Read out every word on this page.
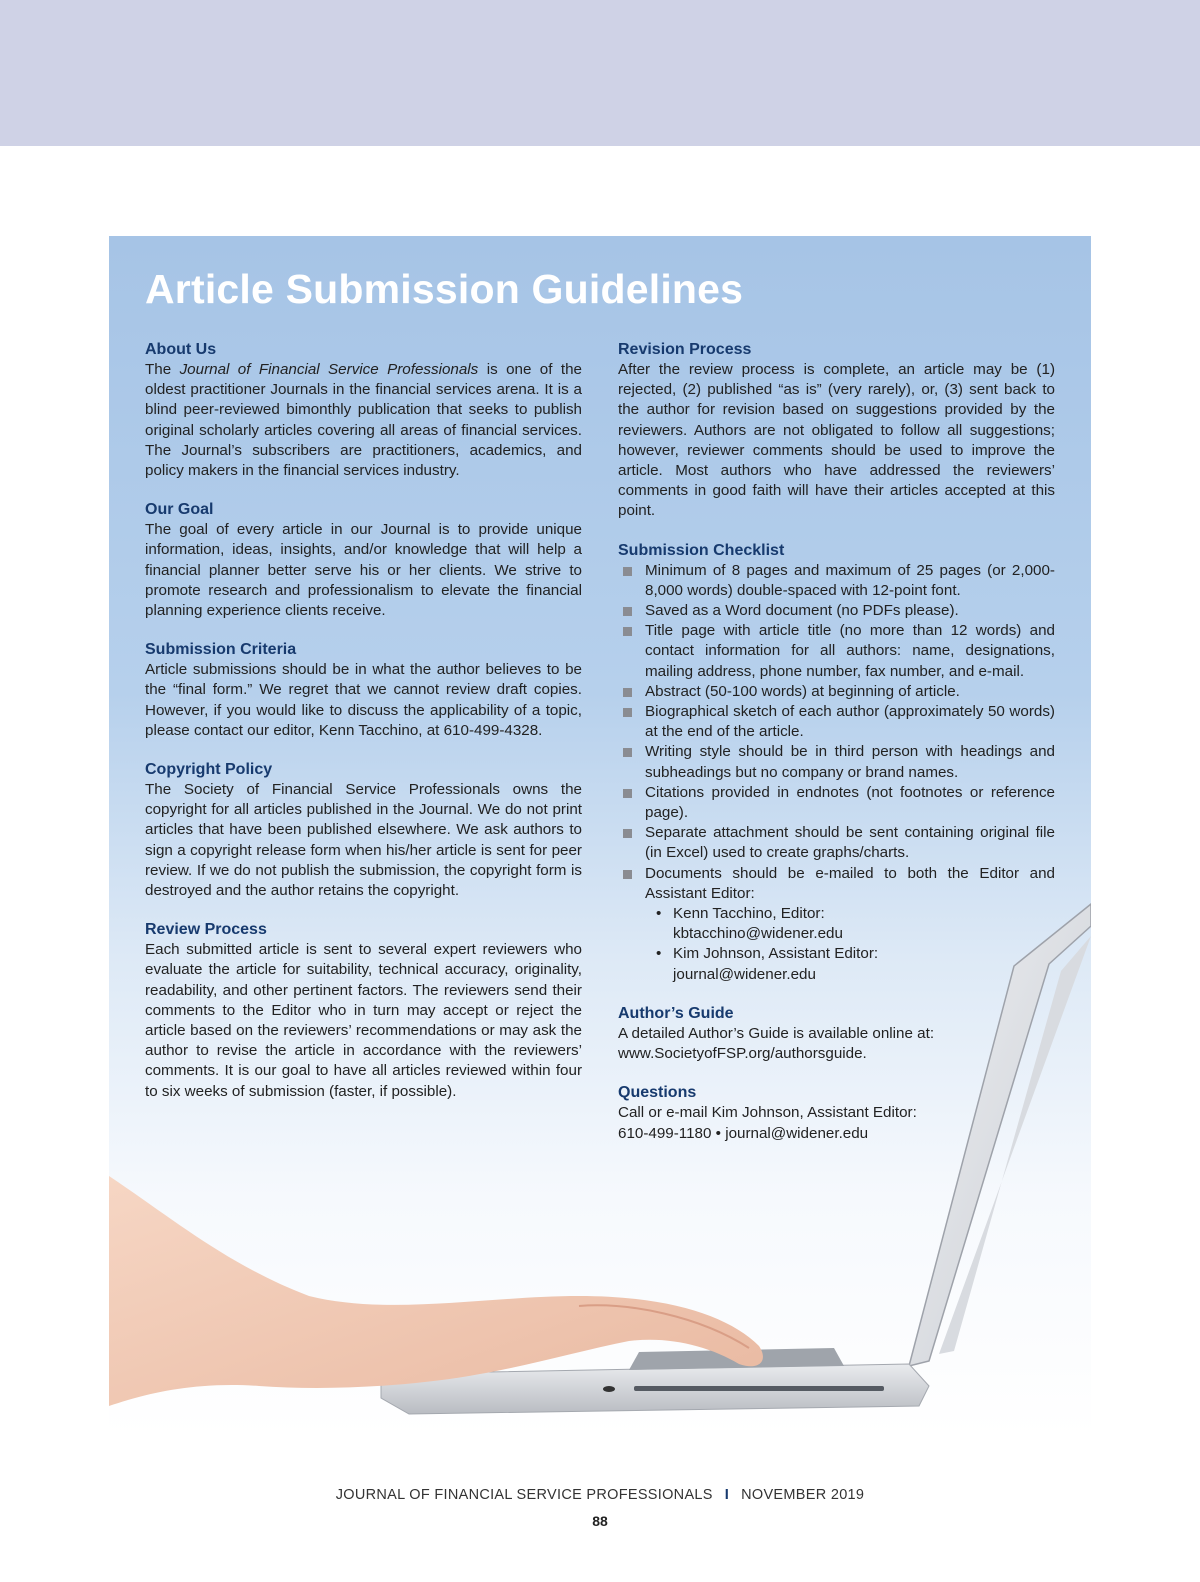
Article Submission Guidelines
About Us
The Journal of Financial Service Professionals is one of the oldest practitioner Journals in the financial services arena. It is a blind peer-reviewed bimonthly publication that seeks to publish original scholarly articles covering all areas of financial services. The Journal’s subscribers are practitioners, academics, and policy makers in the financial services industry.
Our Goal
The goal of every article in our Journal is to provide unique information, ideas, insights, and/or knowledge that will help a financial planner better serve his or her clients. We strive to promote research and professionalism to elevate the financial planning experience clients receive.
Submission Criteria
Article submissions should be in what the author believes to be the “final form.” We regret that we cannot review draft copies. However, if you would like to discuss the applicability of a topic, please contact our editor, Kenn Tacchino, at 610-499-4328.
Copyright Policy
The Society of Financial Service Professionals owns the copyright for all articles published in the Journal. We do not print articles that have been published elsewhere. We ask authors to sign a copyright release form when his/her article is sent for peer review. If we do not publish the submission, the copyright form is destroyed and the author retains the copyright.
Review Process
Each submitted article is sent to several expert reviewers who evaluate the article for suitability, technical accuracy, originality, readability, and other pertinent factors. The reviewers send their comments to the Editor who in turn may accept or reject the article based on the reviewers’ recommendations or may ask the author to revise the article in accordance with the reviewers’ comments. It is our goal to have all articles reviewed within four to six weeks of submission (faster, if possible).
Revision Process
After the review process is complete, an article may be (1) rejected, (2) published “as is” (very rarely), or, (3) sent back to the author for revision based on suggestions provided by the reviewers. Authors are not obligated to follow all suggestions; however, reviewer comments should be used to improve the article. Most authors who have addressed the reviewers’ comments in good faith will have their articles accepted at this point.
Submission Checklist
Minimum of 8 pages and maximum of 25 pages (or 2,000-8,000 words) double-spaced with 12-point font.
Saved as a Word document (no PDFs please).
Title page with article title (no more than 12 words) and contact information for all authors: name, designations, mailing address, phone number, fax number, and e-mail.
Abstract (50-100 words) at beginning of article.
Biographical sketch of each author (approximately 50 words) at the end of the article.
Writing style should be in third person with headings and subheadings but no company or brand names.
Citations provided in endnotes (not footnotes or reference page).
Separate attachment should be sent containing original file (in Excel) used to create graphs/charts.
Documents should be e-mailed to both the Editor and Assistant Editor:
• Kenn Tacchino, Editor:
kbtacchino@widener.edu
• Kim Johnson, Assistant Editor:
journal@widener.edu
Author’s Guide
A detailed Author’s Guide is available online at:
www.SocietyofFSP.org/authorsguide.
Questions
Call or e-mail Kim Johnson, Assistant Editor:
610-499-1180 • journal@widener.edu
JOURNAL OF FINANCIAL SERVICE PROFESSIONALS I NOVEMBER 2019
88
